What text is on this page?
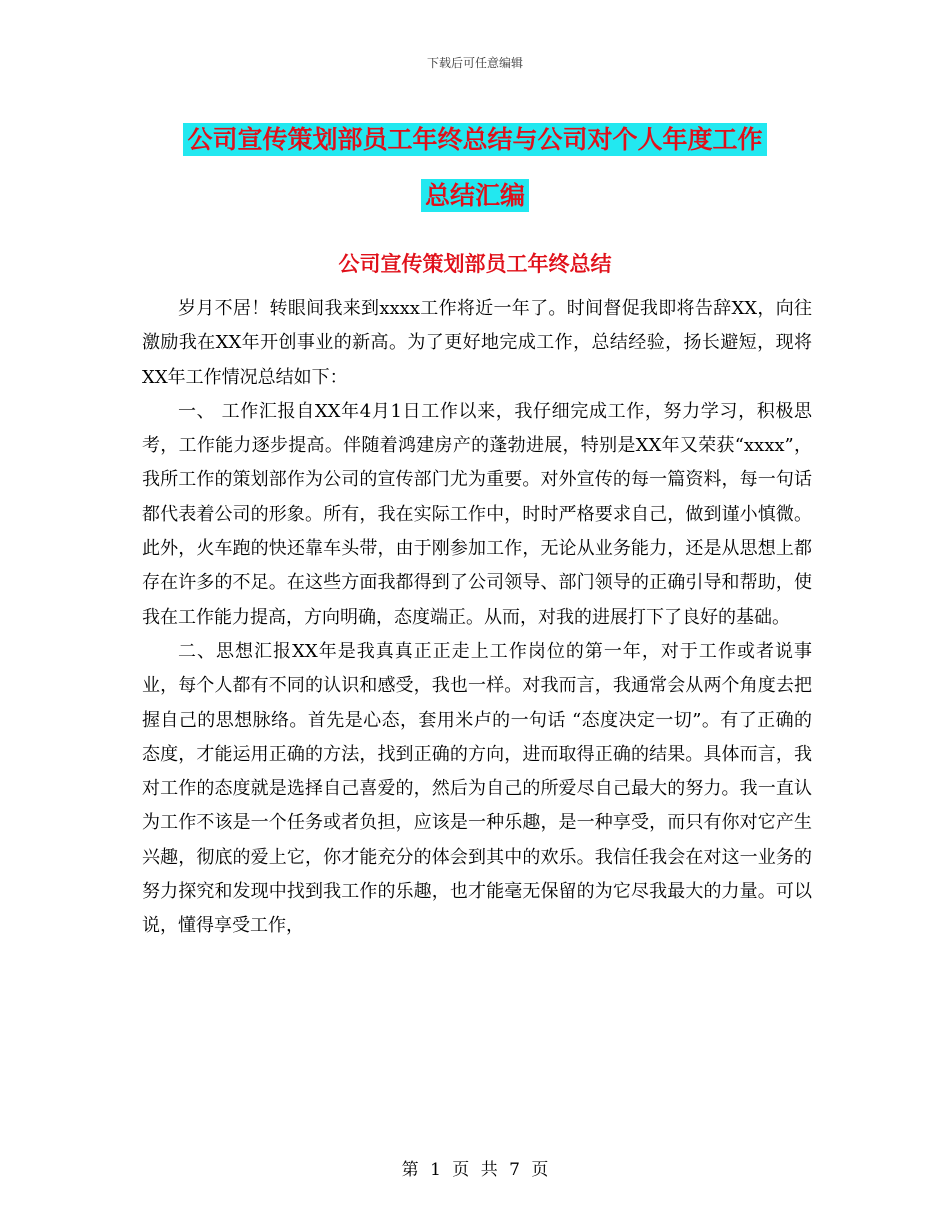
下载后可任意编辑
公司宣传策划部员工年终总结与公司对个人年度工作
总结汇编
公司宣传策划部员工年终总结

岁月不居！转眼间我来到xxxx工作将近一年了。时间督促我即将告辞XX，向往激励我在XX年开创事业的新高。为了更好地完成工作，总结经验，扬长避短，现将XX年工作情况总结如下：

一、 工作汇报自XX年4月1日工作以来，我仔细完成工作，努力学习，积极思考，工作能力逐步提高。伴随着鸿建房产的蓬勃进展，特别是XX年又荣获“xxxx”，我所工作的策划部作为公司的宣传部门尤为重要。对外宣传的每一篇资料，每一句话都代表着公司的形象。所有，我在实际工作中，时时严格要求自己，做到谨小慎微。此外，火车跑的快还靠车头带，由于刚参加工作，无论从业务能力，还是从思想上都存在许多的不足。在这些方面我都得到了公司领导、部门领导的正确引导和帮助，使我在工作能力提高，方向明确，态度端正。从而，对我的进展打下了良好的基础。

二、思想汇报XX年是我真真正正走上工作岗位的第一年，对于工作或者说事业，每个人都有不同的认识和感受，我也一样。对我而言，我通常会从两个角度去把握自己的思想脉络。首先是心态，套用米卢的一句话 “态度决定一切”。有了正确的态度，才能运用正确的方法，找到正确的方向，进而取得正确的结果。具体而言，我对工作的态度就是选择自己喜爱的，然后为自己的所爱尽自己最大的努力。我一直认为工作不该是一个任务或者负担，应该是一种乐趣，是一种享受，而只有你对它产生兴趣，彻底的爱上它，你才能充分的体会到其中的欢乐。我信任我会在对这一业务的努力探究和发现中找到我工作的乐趣，也才能毫无保留的为它尽我最大的力量。可以说，懂得享受工作，

第 1 页 共 7 页
